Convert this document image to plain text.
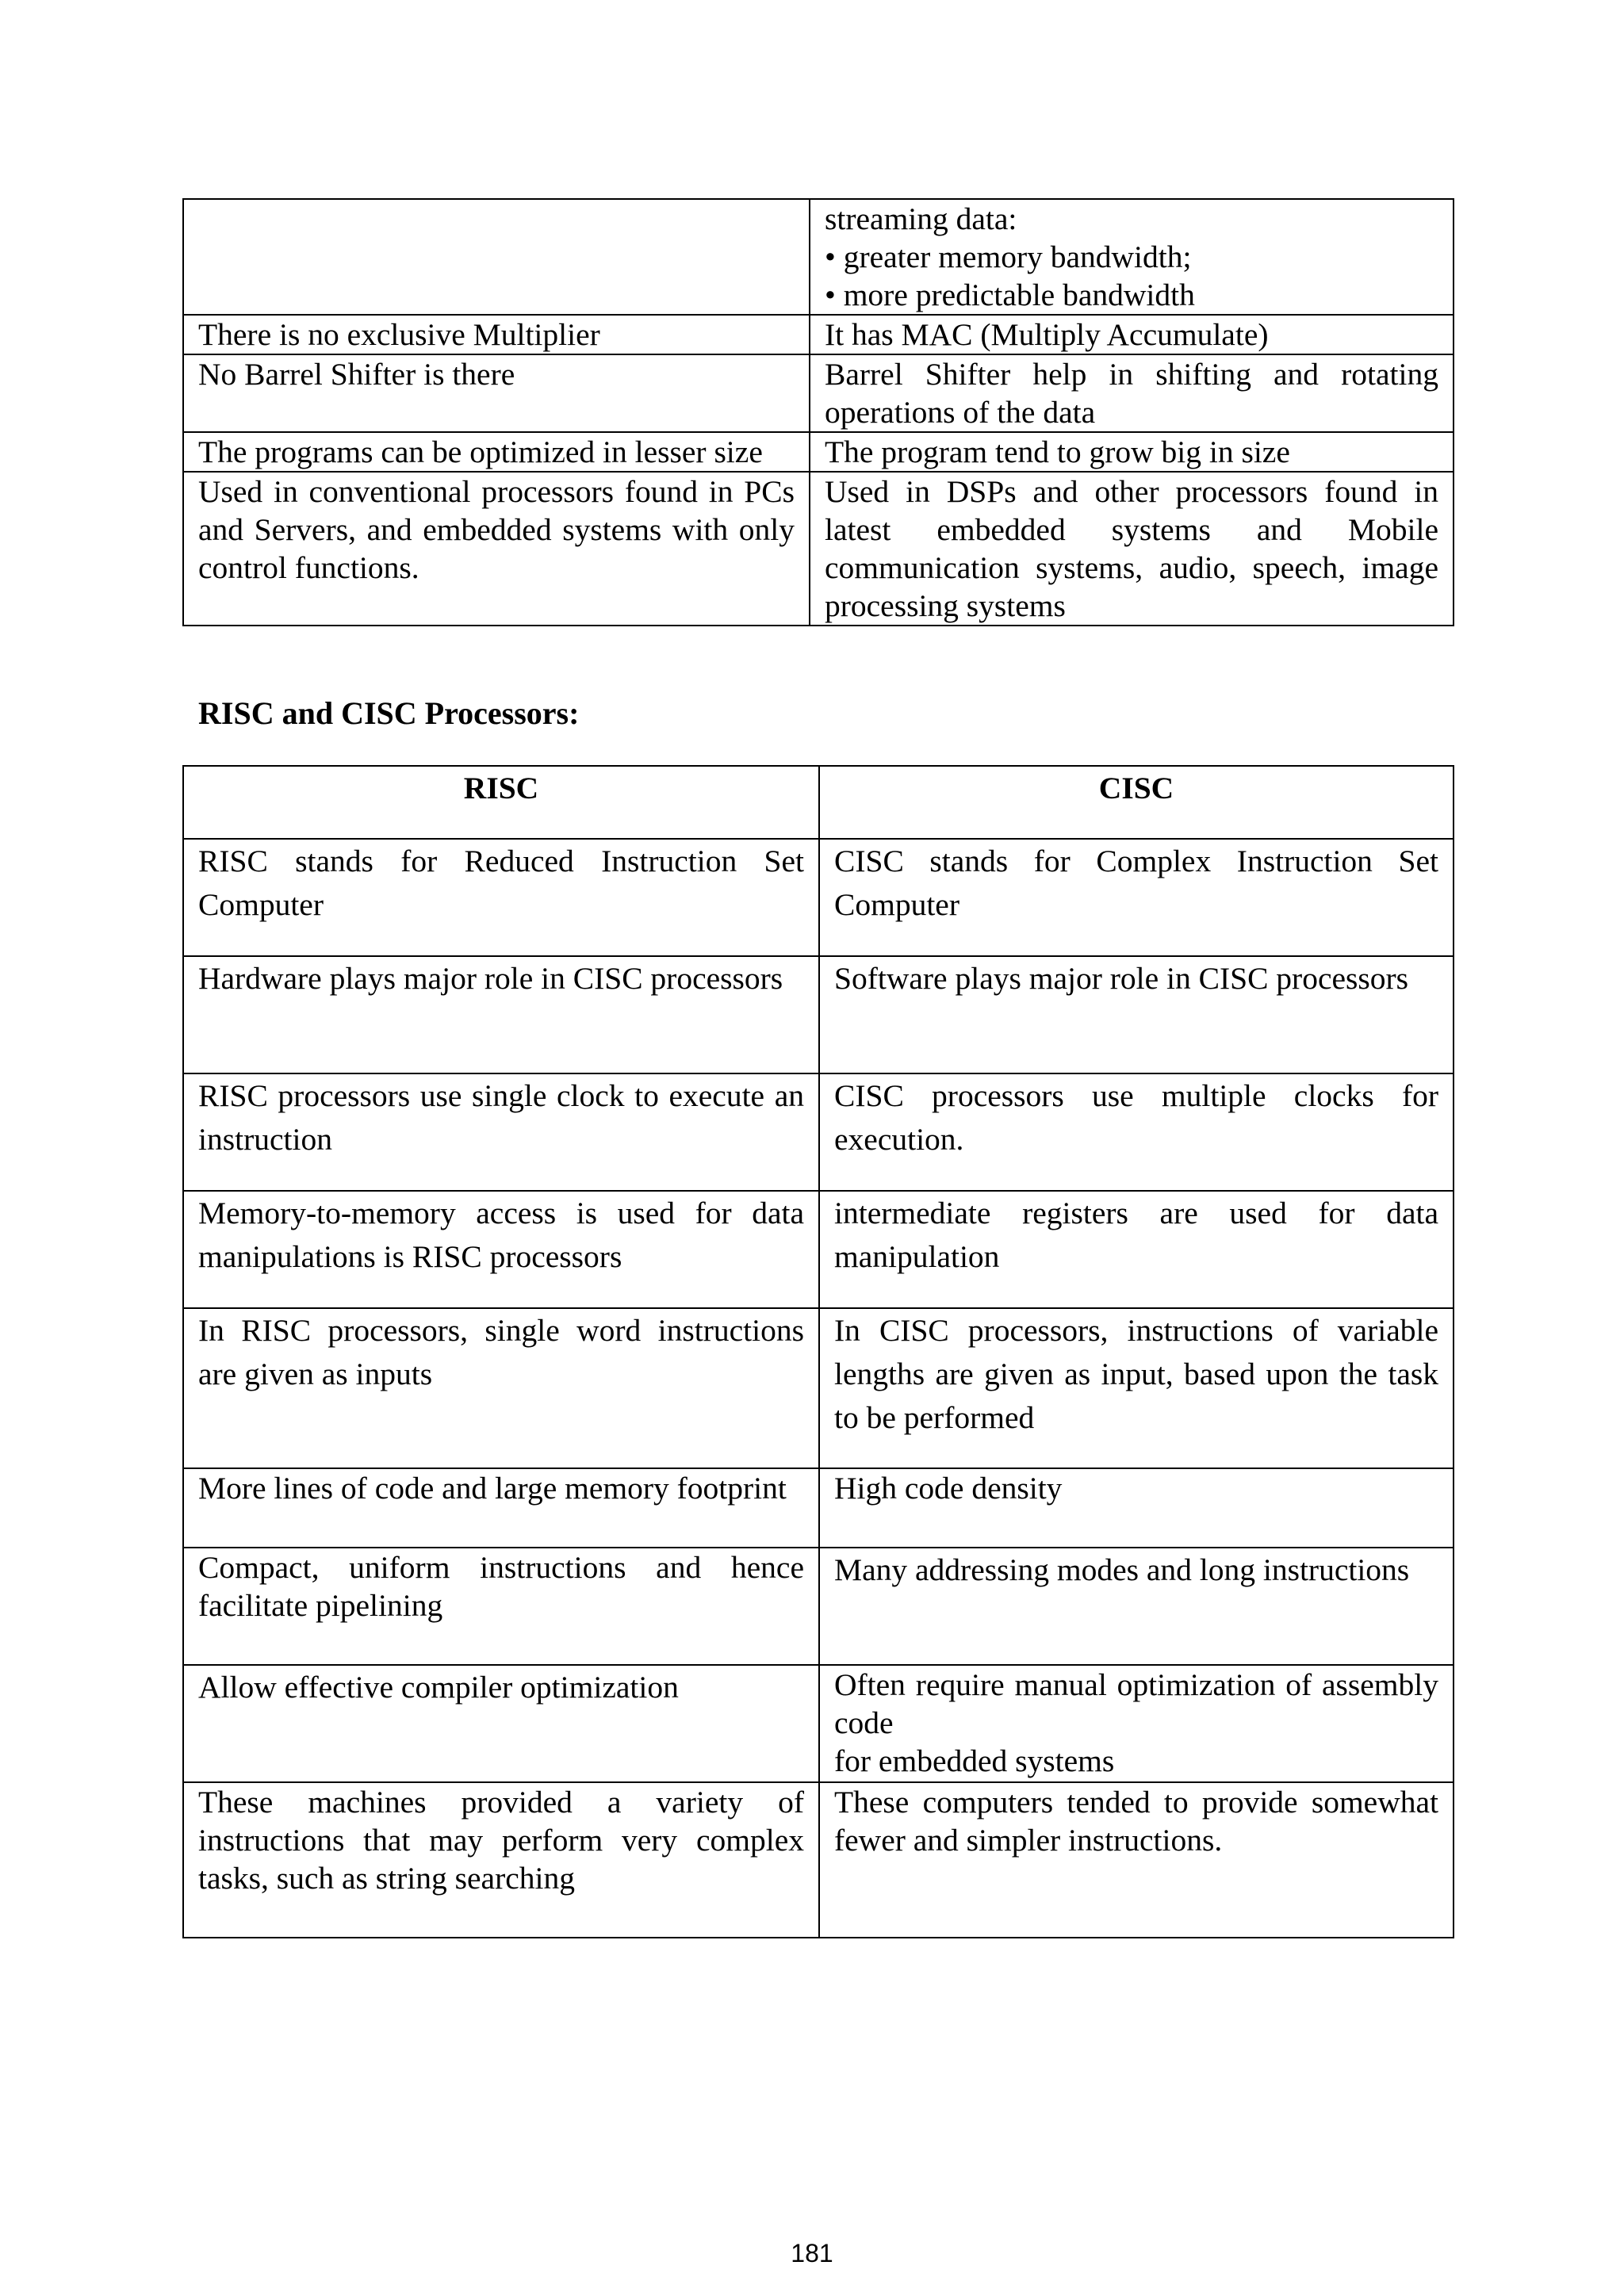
	streaming data:
• greater memory bandwidth;
• more predictable bandwidth

There is no exclusive Multiplier	It has MAC (Multiply Accumulate)

No Barrel Shifter is there	Barrel Shifter help in shifting and rotating operations of the data

The programs can be optimized in lesser size	The program tend to grow big in size

Used in conventional processors found in PCs and Servers, and embedded systems with only control functions.	Used in DSPs and other processors found in latest embedded systems and Mobile communication systems, audio, speech, image processing systems
RISC and CISC Processors:
RISC	CISC

RISC stands for Reduced Instruction Set Computer	CISC stands for Complex Instruction Set Computer

Hardware plays major role in CISC processors	Software plays major role in CISC processors

RISC processors use single clock to execute an instruction	CISC processors use multiple clocks for execution.

Memory-to-memory access is used for data manipulations is RISC processors	intermediate registers are used for data manipulation

In RISC processors, single word instructions are given as inputs	In CISC processors, instructions of variable lengths are given as input, based upon the task to be performed

More lines of code and large memory footprint	High code density

Compact, uniform instructions and hence facilitate pipelining	Many addressing modes and long instructions

Allow effective compiler optimization	Often require manual optimization of assembly code
for embedded systems

These machines provided a variety of instructions that may perform very complex tasks, such as string searching	These computers tended to provide somewhat fewer and simpler instructions.

181
